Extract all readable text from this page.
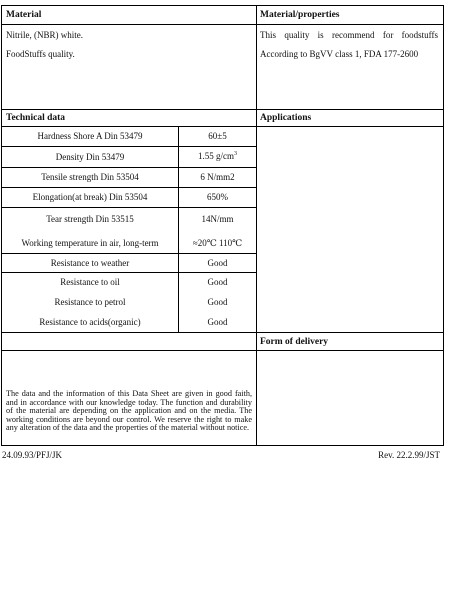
Material
Nitrile, (NBR) white.
FoodStuffs quality.
Material/properties
This quality is recommend for foodstuffs According to BgVV class 1, FDA 177-2600
Technical data
Hardness Shore A Din 53479	60±5
Density Din 53479	1.55 $g/cm^3$
Tensile strength Din 53504	6 N/mm2
Elongation(at break) Din 53504	650%
Tear strength Din 53515	14N/mm
Working temperature in air, long-term	≈20℃ 110℃
Resistance to weather	Good
Resistance to oil	Good
Resistance to petrol	Good
Resistance to acids(organic)	Good
Applications
Form of delivery
The data and the information of this Data Sheet are given in good faith, and in accordance with our knowledge today. The function and durability of the material are depending on the application and on the media. The working conditions are beyond our control. We reserve the right to make any alteration of the data and the properties of the material without notice.
24.09.93/PFJ/JK	Rev. 22.2.99/JST
